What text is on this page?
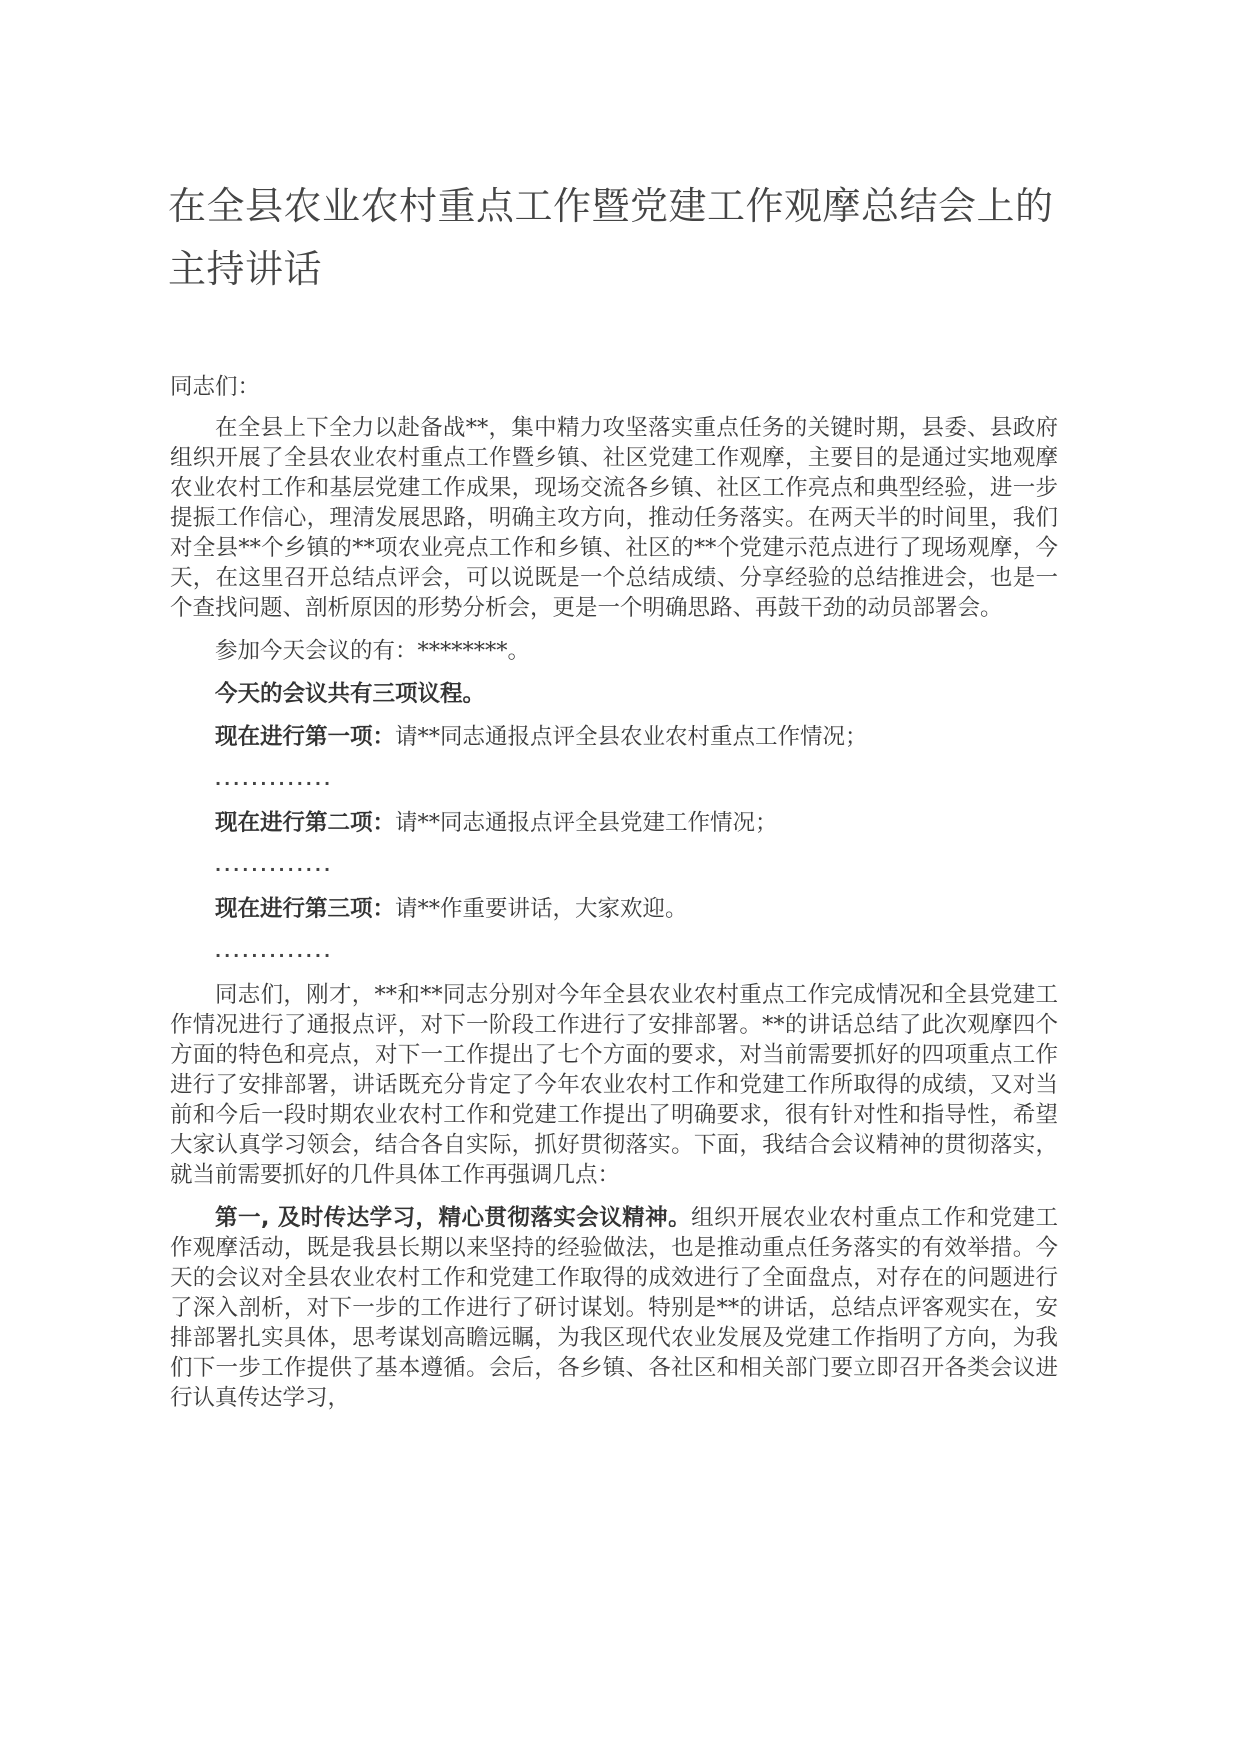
在全县农业农村重点工作暨党建工作观摩总结会上的
主持讲话

同志们：

在全县上下全力以赴备战**，集中精力攻坚落实重点任务的关键时期，县委、县政府组织开展了全县农业农村重点工作暨乡镇、社区党建工作观摩，主要目的是通过实地观摩农业农村工作和基层党建工作成果，现场交流各乡镇、社区工作亮点和典型经验，进一步提振工作信心，理清发展思路，明确主攻方向，推动任务落实。在两天半的时间里，我们对全县**个乡镇的**项农业亮点工作和乡镇、社区的**个党建示范点进行了现场观摩，今天，在这里召开总结点评会，可以说既是一个总结成绩、分享经验的总结推进会，也是一个查找问题、剖析原因的形势分析会，更是一个明确思路、再鼓干劲的动员部署会。

参加今天会议的有：********。

今天的会议共有三项议程。

现在进行第一项：请**同志通报点评全县农业农村重点工作情况；

.............

现在进行第二项：请**同志通报点评全县党建工作情况；

.............

现在进行第三项：请**作重要讲话，大家欢迎。

.............

同志们，刚才，**和**同志分别对今年全县农业农村重点工作完成情况和全县党建工作情况进行了通报点评，对下一阶段工作进行了安排部署。**的讲话总结了此次观摩四个方面的特色和亮点，对下一工作提出了七个方面的要求，对当前需要抓好的四项重点工作进行了安排部署，讲话既充分肯定了今年农业农村工作和党建工作所取得的成绩，又对当前和今后一段时期农业农村工作和党建工作提出了明确要求，很有针对性和指导性，希望大家认真学习领会，结合各自实际，抓好贯彻落实。下面，我结合会议精神的贯彻落实，就当前需要抓好的几件具体工作再强调几点：

第一, 及时传达学习，精心贯彻落实会议精神。组织开展农业农村重点工作和党建工作观摩活动，既是我县长期以来坚持的经验做法，也是推动重点任务落实的有效举措。今天的会议对全县农业农村工作和党建工作取得的成效进行了全面盘点，对存在的问题进行了深入剖析，对下一步的工作进行了研讨谋划。特别是**的讲话，总结点评客观实在，安排部署扎实具体，思考谋划高瞻远瞩，为我区现代农业发展及党建工作指明了方向，为我们下一步工作提供了基本遵循。会后，各乡镇、各社区和相关部门要立即召开各类会议进行认真传达学习，
